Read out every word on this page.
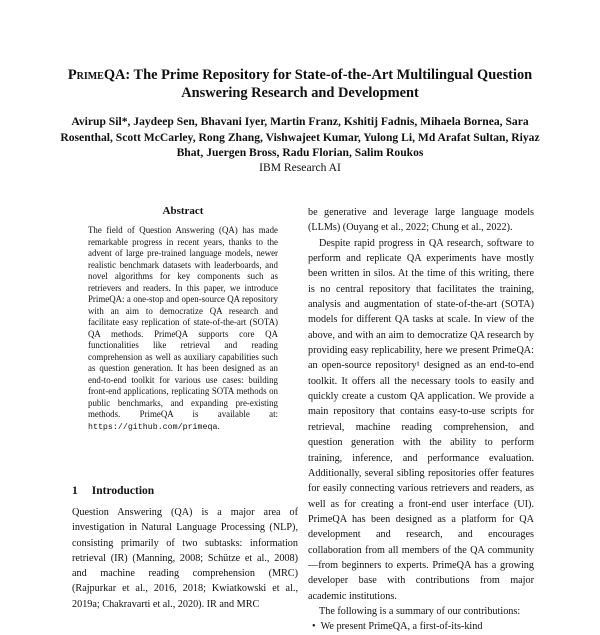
PrimeQA: The Prime Repository for State-of-the-Art Multilingual Question Answering Research and Development
Avirup Sil*, Jaydeep Sen, Bhavani Iyer, Martin Franz, Kshitij Fadnis, Mihaela Bornea, Sara Rosenthal, Scott McCarley, Rong Zhang, Vishwajeet Kumar, Yulong Li, Md Arafat Sultan, Riyaz Bhat, Juergen Bross, Radu Florian, Salim Roukos
IBM Research AI
Abstract
The field of Question Answering (QA) has made remarkable progress in recent years, thanks to the advent of large pre-trained language models, newer realistic benchmark datasets with leaderboards, and novel algorithms for key components such as retrievers and readers. In this paper, we introduce PrimeQA: a one-stop and open-source QA repository with an aim to democratize QA research and facilitate easy replication of state-of-the-art (SOTA) QA methods. PrimeQA supports core QA functionalities like retrieval and reading comprehension as well as auxiliary capabilities such as question generation. It has been designed as an end-to-end toolkit for various use cases: building front-end applications, replicating SOTA methods on public benchmarks, and expanding pre-existing methods. PrimeQA is available at: https://github.com/primeqa.
1 Introduction
Question Answering (QA) is a major area of investigation in Natural Language Processing (NLP), consisting primarily of two subtasks: information retrieval (IR) (Manning, 2008; Schütze et al., 2008) and machine reading comprehension (MRC) (Rajpurkar et al., 2016, 2018; Kwiatkowski et al., 2019a; Chakravarti et al., 2020). IR and MRC

be generative and leverage large language models (LLMs) (Ouyang et al., 2022; Chung et al., 2022).

Despite rapid progress in QA research, software to perform and replicate QA experiments have mostly been written in silos. At the time of this writing, there is no central repository that facilitates the training, analysis and augmentation of state-of-the-art (SOTA) models for different QA tasks at scale. In view of the above, and with an aim to democratize QA research by providing easy replicability, here we present PrimeQA: an open-source repository¹ designed as an end-to-end toolkit. It offers all the necessary tools to easily and quickly create a custom QA application. We provide a main repository that contains easy-to-use scripts for retrieval, machine reading comprehension, and question generation with the ability to perform training, inference, and performance evaluation. Additionally, several sibling repositories offer features for easily connecting various retrievers and readers, as well as for creating a front-end user interface (UI). PrimeQA has been designed as a platform for QA development and research, and encourages collaboration from all members of the QA community—from beginners to experts. PrimeQA has a growing developer base with contributions from major academic institutions.

The following is a summary of our contributions:

• We present PrimeQA, a first-of-its-kind
